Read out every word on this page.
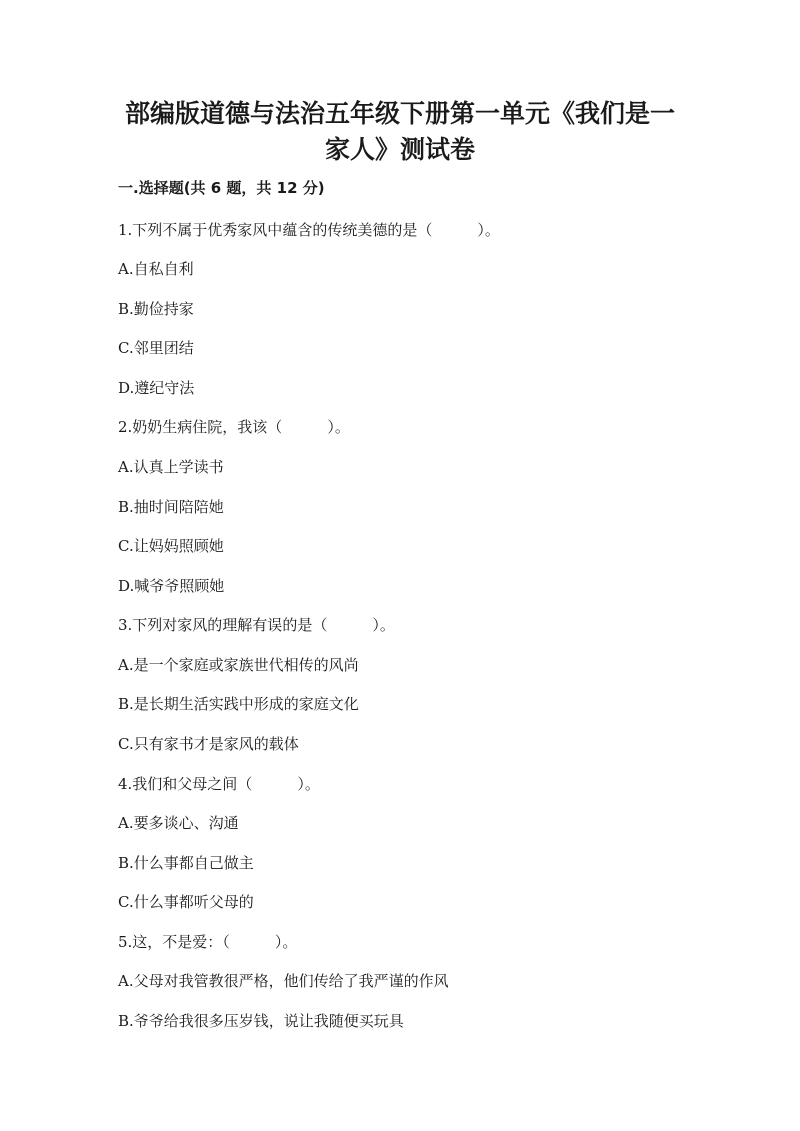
部编版道德与法治五年级下册第一单元《我们是一
家人》测试卷
一.选择题(共 6 题，共 12 分)
1.下列不属于优秀家风中蕴含的传统美德的是（　　　）。
A.自私自利
B.勤俭持家
C.邻里团结
D.遵纪守法
2.奶奶生病住院，我该（　　　）。
A.认真上学读书
B.抽时间陪陪她
C.让妈妈照顾她
D.喊爷爷照顾她
3.下列对家风的理解有误的是（　　　）。
A.是一个家庭或家族世代相传的风尚
B.是长期生活实践中形成的家庭文化
C.只有家书才是家风的载体
4.我们和父母之间（　　　）。
A.要多谈心、沟通
B.什么事都自己做主
C.什么事都听父母的
5.这，不是爱：（　　　）。
A.父母对我管教很严格，他们传给了我严谨的作风
B.爷爷给我很多压岁钱，说让我随便买玩具
